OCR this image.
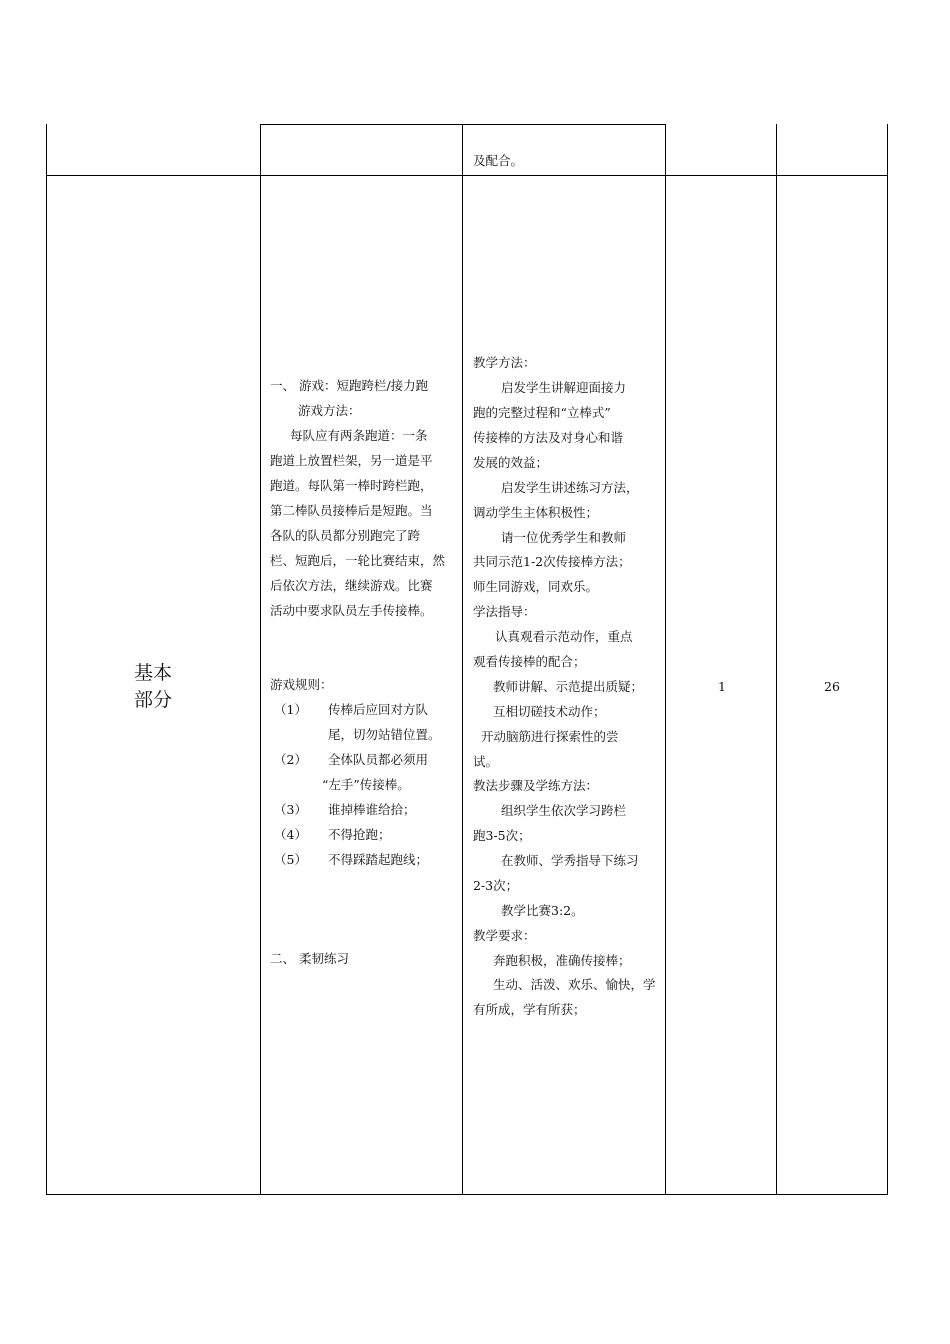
及配合。
基本
部分
一、 游戏：短跑跨栏/接力跑
游戏方法：
每队应有两条跑道：一条
跑道上放置栏架，另一道是平
跑道。每队第一棒时跨栏跑，
第二棒队员接棒后是短跑。当
各队的队员都分别跑完了跨
栏、短跑后，一轮比赛结束，然
后依次方法，继续游戏。比赛
活动中要求队员左手传接棒。
游戏规则：
（1） 传棒后应回对方队
尾，切勿站错位置。
（2） 全体队员都必须用
“左手”传接棒。
（3） 谁掉棒谁给拾；
（4） 不得抢跑；
（5） 不得踩踏起跑线；
二、 柔韧练习
教学方法：
启发学生讲解迎面接力
跑的完整过程和“立棒式”
传接棒的方法及对身心和谐
发展的效益；
启发学生讲述练习方法，
调动学生主体积极性；
请一位优秀学生和教师
共同示范1-2次传接棒方法；
师生同游戏，同欢乐。
学法指导：
认真观看示范动作，重点
观看传接棒的配合；
教师讲解、示范提出质疑；
互相切磋技术动作；
开动脑筋进行探索性的尝
试。
教法步骤及学练方法：
组织学生依次学习跨栏
跑3-5次；
在教师、学秀指导下练习
2-3次；
教学比赛3:2。
教学要求：
奔跑积极，准确传接棒；
生动、活泼、欢乐、愉快，学
有所成，学有所获；
1	26
